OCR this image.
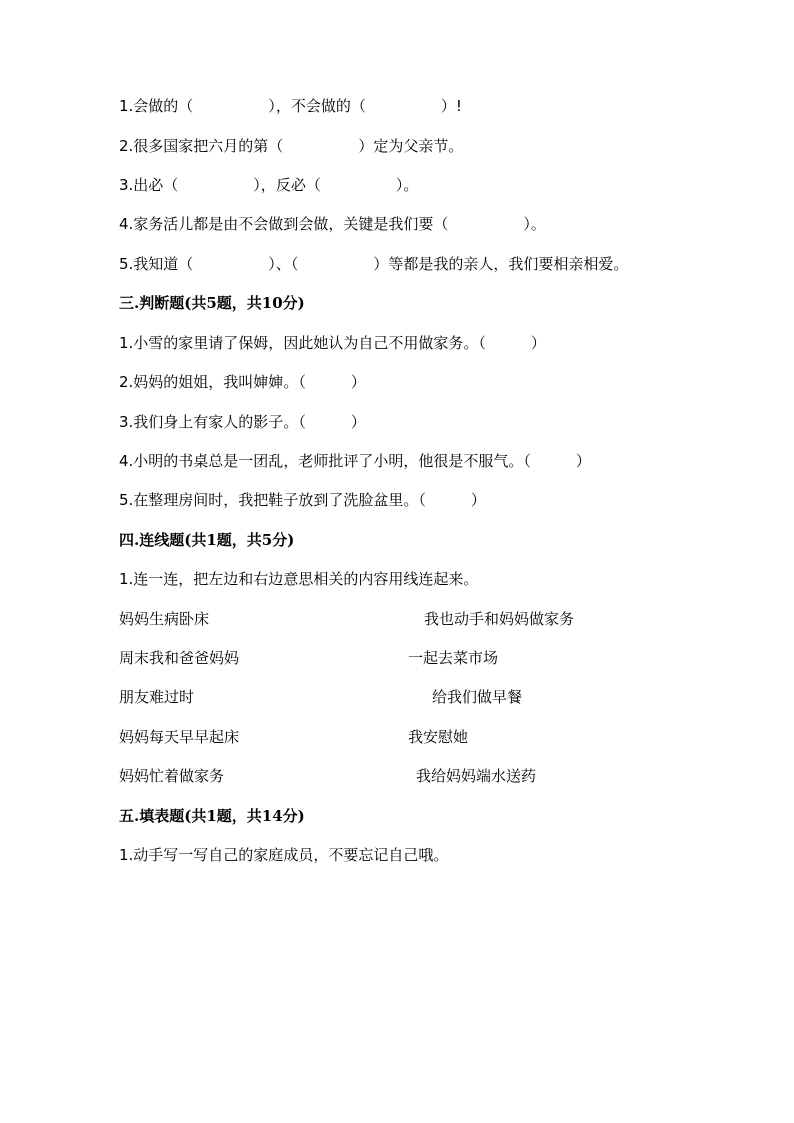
1.会做的（　　　　　），不会做的（　　　　　）!
2.很多国家把六月的第（　　　　　）定为父亲节。
3.出必（　　　　　），反必（　　　　　）。
4.家务活儿都是由不会做到会做，关键是我们要（　　　　　）。
5.我知道（　　　　　）、（　　　　　）等都是我的亲人，我们要相亲相爱。
三.判断题(共5题，共10分)
1.小雪的家里请了保姆，因此她认为自己不用做家务。（　　　）
2.妈妈的姐姐，我叫婶婶。（　　　）
3.我们身上有家人的影子。（　　　）
4.小明的书桌总是一团乱，老师批评了小明，他很是不服气。（　　　）
5.在整理房间时，我把鞋子放到了洗脸盆里。（　　　）
四.连线题(共1题，共5分)
1.连一连，把左边和右边意思相关的内容用线连起来。
妈妈生病卧床	我也动手和妈妈做家务
周末我和爸爸妈妈	一起去菜市场
朋友难过时	给我们做早餐
妈妈每天早早起床	我安慰她
妈妈忙着做家务	我给妈妈端水送药
五.填表题(共1题，共14分)
1.动手写一写自己的家庭成员，不要忘记自己哦。
